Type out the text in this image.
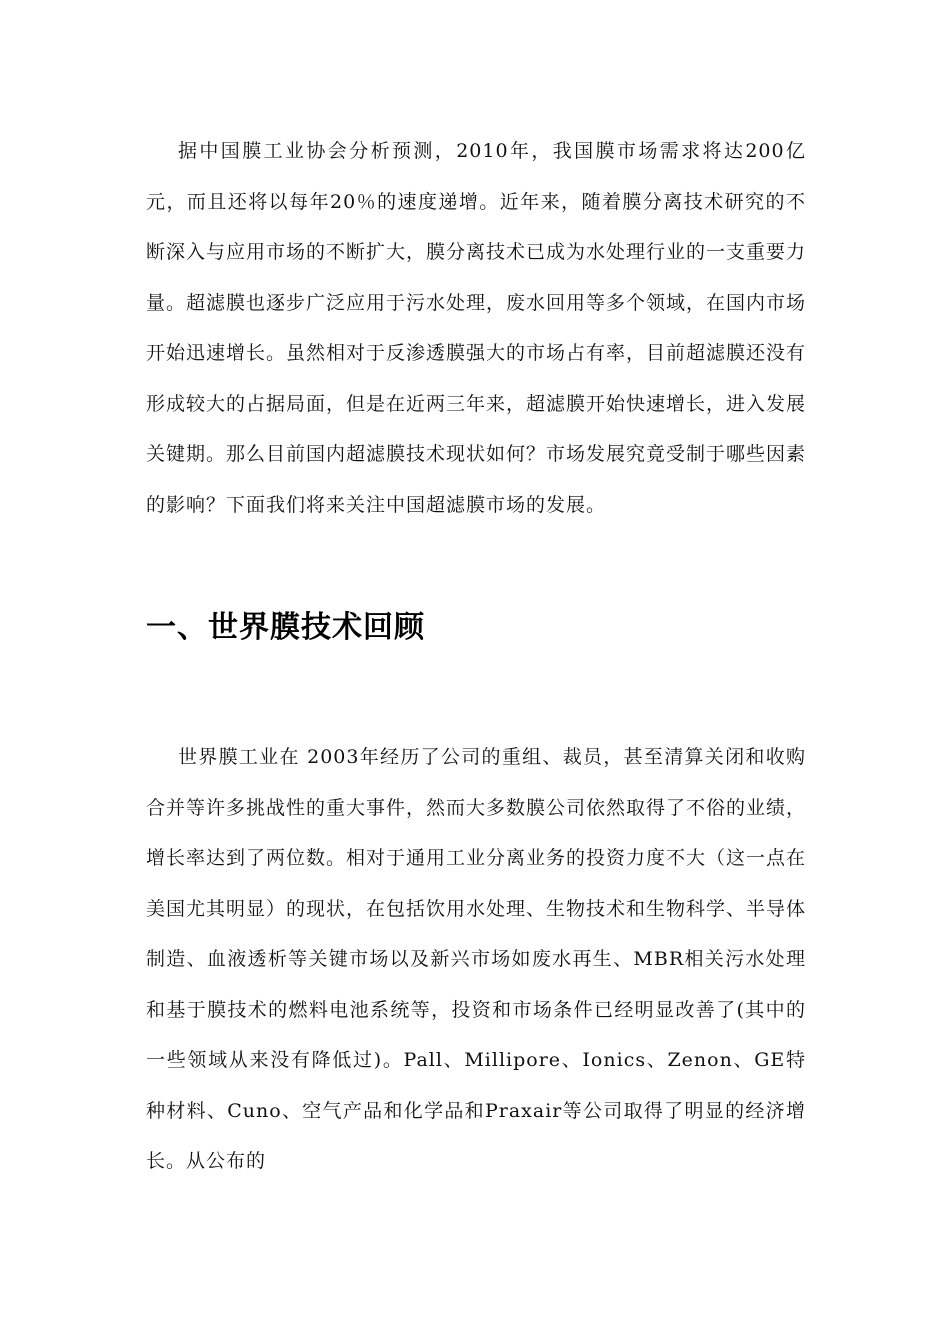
据中国膜工业协会分析预测，2010年，我国膜市场需求将达200亿元，而且还将以每年20％的速度递增。近年来，随着膜分离技术研究的不断深入与应用市场的不断扩大，膜分离技术已成为水处理行业的一支重要力量。超滤膜也逐步广泛应用于污水处理，废水回用等多个领域，在国内市场开始迅速增长。虽然相对于反渗透膜强大的市场占有率，目前超滤膜还没有形成较大的占据局面，但是在近两三年来，超滤膜开始快速增长，进入发展关键期。那么目前国内超滤膜技术现状如何？市场发展究竟受制于哪些因素的影响？下面我们将来关注中国超滤膜市场的发展。

一、世界膜技术回顾

世界膜工业在 2003年经历了公司的重组、裁员，甚至清算关闭和收购合并等许多挑战性的重大事件，然而大多数膜公司依然取得了不俗的业绩，增长率达到了两位数。相对于通用工业分离业务的投资力度不大（这一点在美国尤其明显）的现状，在包括饮用水处理、生物技术和生物科学、半导体制造、血液透析等关键市场以及新兴市场如废水再生、MBR相关污水处理和基于膜技术的燃料电池系统等，投资和市场条件已经明显改善了(其中的一些领域从来没有降低过)。Pall、Millipore、Ionics、Zenon、GE特种材料、Cuno、空气产品和化学品和Praxair等公司取得了明显的经济增长。从公布的
